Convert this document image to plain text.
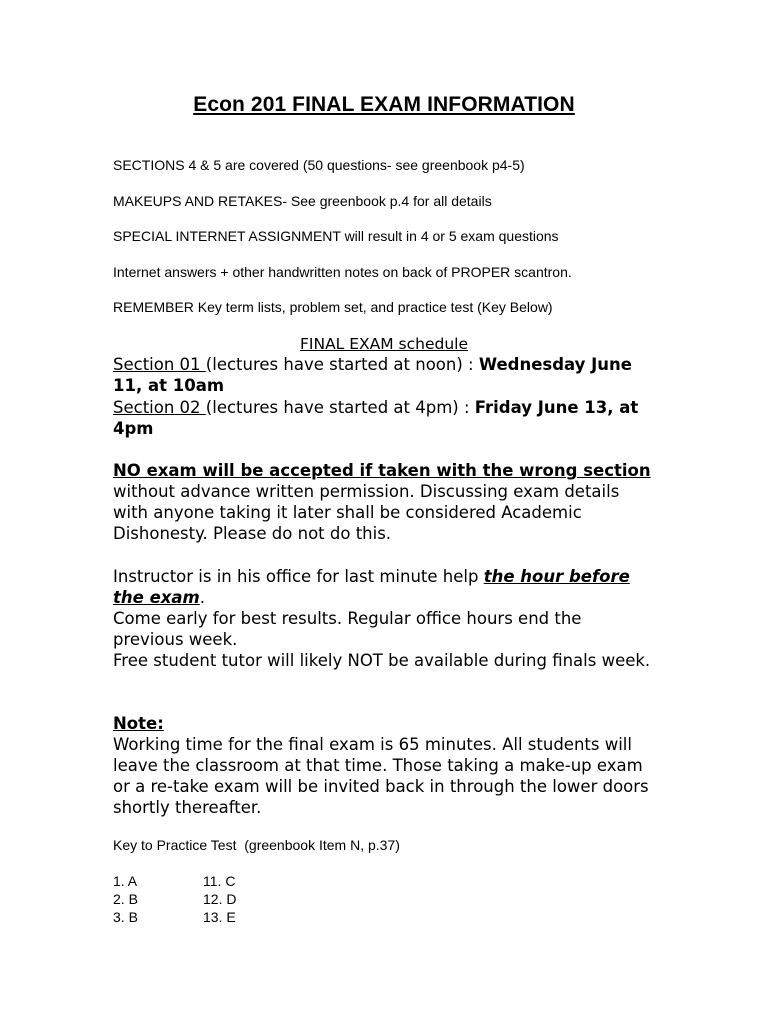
Econ 201 FINAL EXAM INFORMATION
SECTIONS 4 & 5 are covered (50 questions- see greenbook p4-5)
MAKEUPS AND RETAKES- See greenbook p.4 for all details
SPECIAL INTERNET ASSIGNMENT will result in 4 or 5 exam questions
Internet answers + other handwritten notes on back of PROPER scantron.
REMEMBER Key term lists, problem set, and practice test (Key Below)
FINAL EXAM schedule
Section 01 (lectures have started at noon) : Wednesday June 11, at 10am
Section 02 (lectures have started at 4pm) : Friday June 13, at 4pm
NO exam will be accepted if taken with the wrong section without advance written permission. Discussing exam details with anyone taking it later shall be considered Academic Dishonesty. Please do not do this.
Instructor is in his office for last minute help the hour before the exam.
Come early for best results. Regular office hours end the previous week.
Free student tutor will likely NOT be available during finals week.
Note:
Working time for the final exam is 65 minutes. All students will leave the classroom at that time. Those taking a make-up exam or a re-take exam will be invited back in through the lower doors shortly thereafter.
Key to Practice Test  (greenbook Item N, p.37)
1. A	11. C
2. B	12. D
3. B	13. E
